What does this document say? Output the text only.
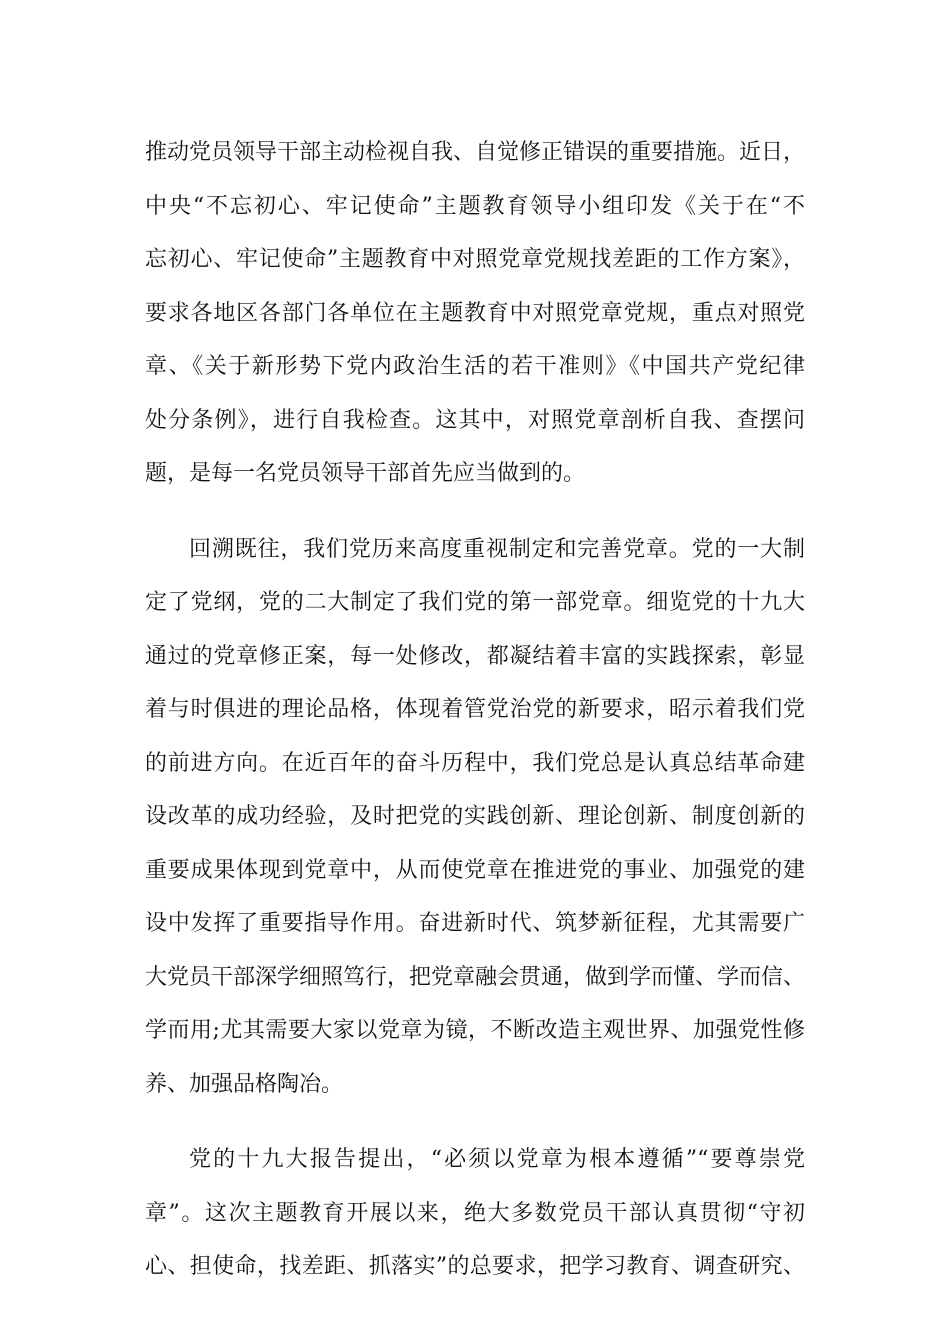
推动党员领导干部主动检视自我、自觉修正错误的重要措施。近日，
中央“不忘初心、牢记使命”主题教育领导小组印发《关于在“不
忘初心、牢记使命”主题教育中对照党章党规找差距的工作方案》，
要求各地区各部门各单位在主题教育中对照党章党规，重点对照党
章、《关于新形势下党内政治生活的若干准则》《中国共产党纪律
处分条例》，进行自我检查。这其中，对照党章剖析自我、查摆问
题，是每一名党员领导干部首先应当做到的。
回溯既往，我们党历来高度重视制定和完善党章。党的一大制
定了党纲，党的二大制定了我们党的第一部党章。细览党的十九大
通过的党章修正案，每一处修改，都凝结着丰富的实践探索，彰显
着与时俱进的理论品格，体现着管党治党的新要求，昭示着我们党
的前进方向。在近百年的奋斗历程中，我们党总是认真总结革命建
设改革的成功经验，及时把党的实践创新、理论创新、制度创新的
重要成果体现到党章中，从而使党章在推进党的事业、加强党的建
设中发挥了重要指导作用。奋进新时代、筑梦新征程，尤其需要广
大党员干部深学细照笃行，把党章融会贯通，做到学而懂、学而信、
学而用;尤其需要大家以党章为镜，不断改造主观世界、加强党性修
养、加强品格陶冶。
党的十九大报告提出，“必须以党章为根本遵循”“要尊崇党
章”。这次主题教育开展以来，绝大多数党员干部认真贯彻“守初
心、担使命，找差距、抓落实”的总要求，把学习教育、调查研究、
